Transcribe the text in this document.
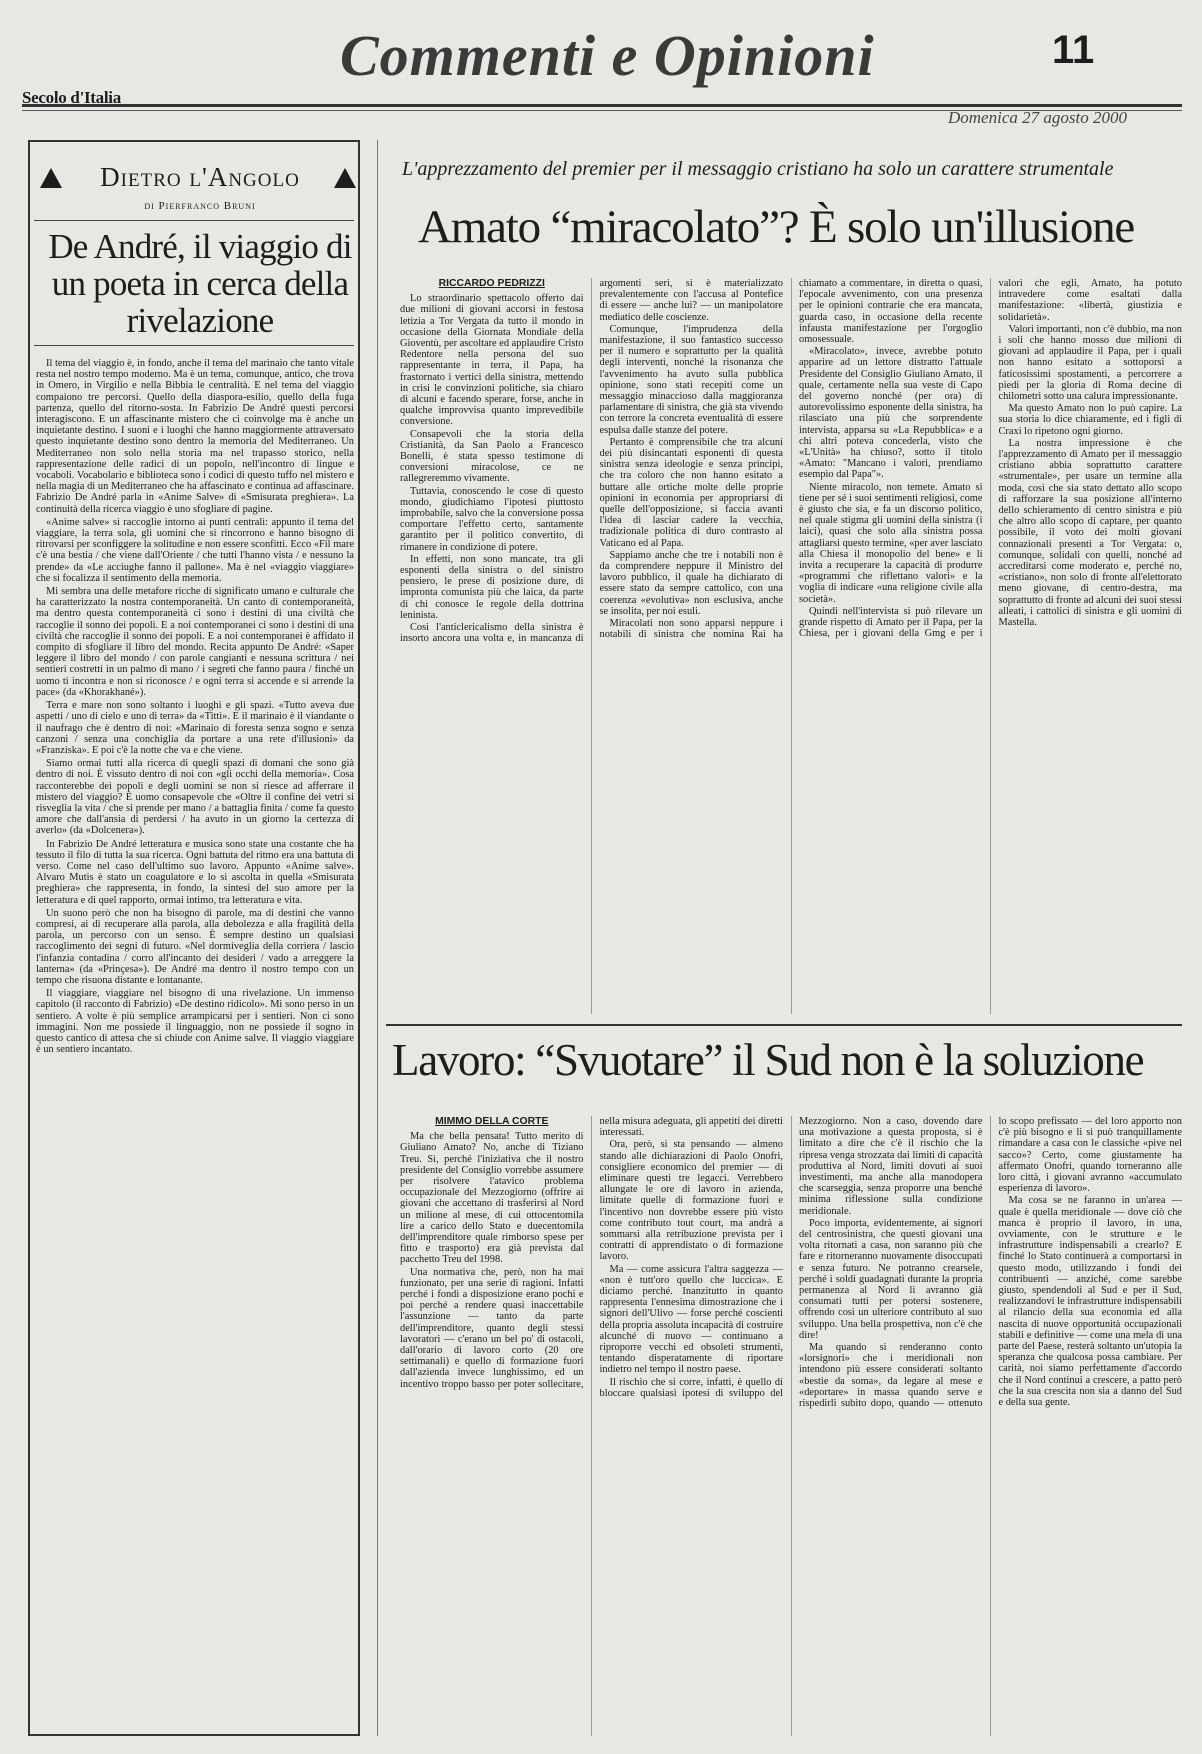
Secolo d'Italia
Commenti e Opinioni	11
Domenica 27 agosto 2000
Dietro l'Angolo
di Pierfranco Bruni
De André, il viaggio di un poeta in cerca della rivelazione

Il tema del viaggio è, in fondo, anche il tema del marinaio che tanto vitale resta nel nostro tempo moderno. Ma è un tema, comunque, antico, che trova in Omero, in Virgilio e nella Bibbia le centralità. E nel tema del viaggio compaiono tre percorsi. Quello della diaspora-esilio, quello della fuga partenza, quello del ritorno-sosta. In Fabrizio De André questi percorsi interagiscono. E un affascinante mistero che ci coinvolge ma è anche un inquietante destino. I suoni e i luoghi che hanno maggiormente attraversato questo inquietante destino sono dentro la memoria del Mediterraneo. Un Mediterraneo non solo nella storia ma nel trapasso storico, nella rappresentazione delle radici di un popolo, nell'incontro di lingue e vocaboli. Vocabolario e biblioteca sono i codici di questo tuffo nel mistero e nella magia di un Mediterraneo che ha affascinato e continua ad affascinare. Fabrizio De André parla in «Anime Salve» di «Smisurata preghiera». La continuità della ricerca viaggio è uno sfogliare di pagine.

«Anime salve» si raccoglie intorno ai punti centrali: appunto il tema del viaggiare, la terra sola, gli uomini che si rincorrono e hanno bisogno di ritrovarsi per sconfiggere la solitudine e non essere sconfitti. Ecco «Fil mare c'è una bestia / che viene dall'Oriente / che tutti l'hanno vista / e nessuno la prende» da «Le acciughe fanno il pallone». Ma è nel «viaggio viaggiare» che si focalizza il sentimento della memoria.

Mi sembra una delle metafore ricche di significato umano e culturale che ha caratterizzato la nostra contemporaneità. Un canto di contemporaneità, ma dentro questa contemporaneità ci sono i destini di una civiltà che raccoglie il sonno dei popoli. E a noi contemporanei ci sono i destini di una civiltà che raccoglie il sonno dei popoli. E a noi contemporanei è affidato il compito di sfogliare il libro del mondo. Recita appunto De André: «Saper leggere il libro del mondo / con parole cangianti e nessuna scrittura / nei sentieri costretti in un palmo di mano / i segreti che fanno paura / finché un uomo ti incontra e non si riconosce / e ogni terra si accende e si arrende la pace» (da «Khorakhané»).

Terra e mare non sono soltanto i luoghi e gli spazi. «Tutto aveva due aspetti / uno di cielo e uno di terra» da «Tittì». E il marinaio è il viandante o il naufrago che è dentro di noi: «Marinaio di foresta senza sogno e senza canzoni / senza una conchiglia da portare a una rete d'illusioni» da «Franziska». E poi c'è la notte che va e che viene.

Siamo ormai tutti alla ricerca di quegli spazi di domani che sono già dentro di noi. È vissuto dentro di noi con «gli occhi della memoria». Cosa racconterebbe dei popoli e degli uomini se non si riesce ad afferrare il mistero del viaggio? È uomo consapevole che «Oltre il confine dei vetri si risveglia la vita / che si prende per mano / a battaglia finita / come fa questo amore che dall'ansia di perdersi / ha avuto in un giorno la certezza di averlo» (da «Dolcenera»).

In Fabrizio De André letteratura e musica sono state una costante che ha tessuto il filo di tutta la sua ricerca. Ogni battuta del ritmo era una battuta di verso. Come nel caso dell'ultimo suo lavoro. Appunto «Anime salve». Alvaro Mutis è stato un coagulatore e lo si ascolta in quella «Smisurata preghiera» che rappresenta, in fondo, la sintesi del suo amore per la letteratura e di quel rapporto, ormai intimo, tra letteratura e vita.

Un suono però che non ha bisogno di parole, ma di destini che vanno compresi, ai di recuperare alla parola, alla debolezza e alla fragilità della parola, un percorso con un senso. È sempre destino un qualsiasi raccoglimento dei segni di futuro. «Nel dormiveglia della corriera / lascio l'infanzia contadina / corro all'incanto dei desideri / vado a arreggere la lanterna» (da «Prinçesa»). De André ma dentro il nostro tempo con un tempo che risuona distante e lontanante.

Il viaggiare, viaggiare nel bisogno di una rivelazione. Un immenso capitolo (il racconto di Fabrizio) «De destino ridicolo». Mi sono perso in un sentiero. A volte è più semplice arrampicarsi per i sentieri. Non ci sono immagini. Non me possiede il linguaggio, non ne possiede il sogno in questo cantico di attesa che si chiude con Anime salve. Il viaggio viaggiare è un sentiero incantato.

L'apprezzamento del premier per il messaggio cristiano ha solo un carattere strumentale
Amato “miracolato”? È solo un'illusione

RICCARDO PEDRIZZI

Lo straordinario spettacolo offerto dai due milioni di giovani accorsi in festosa letizia a Tor Vergata da tutto il mondo in occasione della Giornata Mondiale della Gioventù, per ascoltare ed applaudire Cristo Redentore nella persona del suo rappresentante in terra, il Papa, ha frastornato i vertici della sinistra, mettendo in crisi le convinzioni politiche, sia chiaro di alcuni e facendo sperare, forse, anche in qualche improvvisa quanto imprevedibile conversione.

Consapevoli che la storia della Cristianità, da San Paolo a Francesco Bonelli, è stata spesso testimone di conversioni miracolose, ce ne rallegreremmo vivamente.

Tuttavia, conoscendo le cose di questo mondo, giudichiamo l'ipotesi piuttosto improbabile, salvo che la conversione possa comportare l'effetto certo, santamente garantito per il politico convertito, di rimanere in condizione di potere.

In effetti, non sono mancate, tra gli esponenti della sinistra o del sinistro pensiero, le prese di posizione dure, di impronta comunista più che laica, da parte di chi conosce le regole della dottrina leninista.

Così l'anticlericalismo della sinistra è insorto ancora una volta e, in mancanza di argomenti seri, si è materializzato prevalentemente con l'accusa al Pontefice di essere — anche lui? — un manipolatore mediatico delle coscienze.

Comunque, l'imprudenza della manifestazione, il suo fantastico successo per il numero e soprattutto per la qualità degli interventi, nonché la risonanza che l'avvenimento ha avuto sulla pubblica opinione, sono stati recepiti come un messaggio minaccioso dalla maggioranza parlamentare di sinistra, che già sta vivendo con terrore la concreta eventualità di essere espulsa dalle stanze del potere.

Pertanto è comprensibile che tra alcuni dei più disincantati esponenti di questa sinistra senza ideologie e senza principi, che tra coloro che non hanno esitato a buttare alle ortiche molte delle proprie opinioni in economia per appropriarsi di quelle dell'opposizione, si faccia avanti l'idea di lasciar cadere la vecchia, tradizionale politica di duro contrasto al Vaticano ed al Papa.

Sappiamo anche che tre i notabili non è da comprendere neppure il Ministro del lavoro pubblico, il quale ha dichiarato di essere stato da sempre cattolico, con una coerenza «evolutiva» non esclusiva, anche se insolita, per noi esuli.

Miracolati non sono apparsi neppure i notabili di sinistra che nomina Rai ha chiamato a commentare, in diretta o quasi, l'epocale avvenimento, con una presenza per le opinioni contrarie che era mancata, guarda caso, in occasione della recente infausta manifestazione per l'orgoglio omosessuale.

«Miracolato», invece, avrebbe potuto apparire ad un lettore distratto l'attuale Presidente del Consiglio Giuliano Amato, il quale, certamente nella sua veste di Capo del governo nonché (per ora) di autorevolissimo esponente della sinistra, ha rilasciato una più che sorprendente intervista, apparsa su «La Repubblica» e a chi altri poteva concederla, visto che «L'Unità» ha chiuso?, sotto il titolo «Amato: "Mancano i valori, prendiamo esempio dal Papa"».

Niente miracolo, non temete. Amato si tiene per sé i suoi sentimenti religiosi, come è giusto che sia, e fa un discorso politico, nel quale stigma gli uomini della sinistra (i laici), quasi che solo alla sinistra possa attagliarsi questo termine, «per aver lasciato alla Chiesa il monopolio del bene» e li invita a recuperare la capacità di produrre «programmi che riflettano valori» e la voglia di indicare «una religione civile alla società».

Quindi nell'intervista si può rilevare un grande rispetto di Amato per il Papa, per la Chiesa, per i giovani della Gmg e per i valori che egli, Amato, ha potuto intravedere come esaltati dalla manifestazione: «libertà, giustizia e solidarietà».

Valori importanti, non c'è dubbio, ma non i soli che hanno mosso due milioni di giovani ad applaudire il Papa, per i quali non hanno esitato a sottoporsi a faticosissimi spostamenti, a percorrere a piedi per la gloria di Roma decine di chilometri sotto una calura impressionante.

Ma questo Amato non lo può capire. La sua storia lo dice chiaramente, ed i figli di Craxi lo ripetono ogni giorno.

La nostra impressione è che l'apprezzamento di Amato per il messaggio cristiano abbia soprattutto carattere «strumentale», per usare un termine alla moda, così che sia stato dettato allo scopo di rafforzare la sua posizione all'interno dello schieramento di centro sinistra e più che altro allo scopo di captare, per quanto possibile, il voto dei molti giovani connazionali presenti a Tor Vergata: o, comunque, solidali con quelli, nonché ad accreditarsi come moderato e, perché no, «cristiano», non solo di fronte all'elettorato meno giovane, di centro-destra, ma soprattutto di fronte ad alcuni dei suoi stessi alleati, i cattolici di sinistra e gli uomini di Mastella.

Lavoro: “Svuotare” il Sud non è la soluzione

MIMMO DELLA CORTE

Ma che bella pensata! Tutto merito di Giuliano Amato? No, anche di Tiziano Treu. Sì, perché l'iniziativa che il nostro presidente del Consiglio vorrebbe assumere per risolvere l'atavico problema occupazionale del Mezzogiorno (offrire ai giovani che accettano di trasferirsi al Nord un milione al mese, di cui ottocentomila lire a carico dello Stato e duecentomila dell'imprenditore quale rimborso spese per fitto e trasporto) era già prevista dal pacchetto Treu del 1998.

Una normativa che, però, non ha mai funzionato, per una serie di ragioni. Infatti perché i fondi a disposizione erano pochi e poi perché a rendere quasi inaccettabile l'assunzione — tanto da parte dell'imprenditore, quanto degli stessi lavoratori — c'erano un bel po' di ostacoli, dall'orario di lavoro corto (20 ore settimanali) e quello di formazione fuori dall'azienda invece lunghissimo, ed un incentivo troppo basso per poter sollecitare, nella misura adeguata, gli appetiti dei diretti interessati.

Ora, però, si sta pensando — almeno stando alle dichiarazioni di Paolo Onofri, consigliere economico del premier — di eliminare questi tre legacci. Verrebbero allungate le ore di lavoro in azienda, limitate quelle di formazione fuori e l'incentivo non dovrebbe essere più visto come contributo tout court, ma andrà a sommarsi alla retribuzione prevista per i contratti di apprendistato o di formazione lavoro.

Ma — come assicura l'altra saggezza — «non è tutt'oro quello che luccica». E diciamo perché. Inanzitutto in quanto rappresenta l'ennesima dimostrazione che i signori dell'Ulivo — forse perché coscienti della propria assoluta incapacità di costruire alcunché di nuovo — continuano a riproporre vecchi ed obsoleti strumenti, tentando disperatamente di riportare indietro nel tempo il nostro paese.

Il rischio che si corre, infatti, è quello di bloccare qualsiasi ipotesi di sviluppo del Mezzogiorno. Non a caso, dovendo dare una motivazione a questa proposta, si è limitato a dire che c'è il rischio che la ripresa venga strozzata dai limiti di capacità produttiva al Nord, limiti dovuti ai suoi investimenti, ma anche alla manodopera che scarseggia, senza proporre una benché minima riflessione sulla condizione meridionale.

Poco importa, evidentemente, ai signori del centrosinistra, che questi giovani una volta ritornati a casa, non saranno più che fare e ritorneranno nuovamente disoccupati e senza futuro. Ne potranno crearsele, perché i soldi guadagnati durante la propria permanenza al Nord li avranno già consumati tutti per potersi sostenere, offrendo così un ulteriore contributo al suo sviluppo. Una bella prospettiva, non c'è che dire!

Ma quando si renderanno conto «lorsignori» che i meridionali non intendono più essere considerati soltanto «bestie da soma», da legare al mese e «deportare» in massa quando serve e rispedirli subito dopo, quando — ottenuto lo scopo prefissato — del loro apporto non c'è più bisogno e li si può tranquillamente rimandare a casa con le classiche «pive nel sacco»? Certo, come giustamente ha affermato Onofri, quando torneranno alle loro città, i giovani avranno «accumulato esperienza di lavoro».

Ma cosa se ne faranno in un'area — quale è quella meridionale — dove ciò che manca è proprio il lavoro, in una, ovviamente, con le strutture e le infrastrutture indispensabili a crearlo? E finché lo Stato continuerà a comportarsi in questo modo, utilizzando i fondi dei contribuenti — anziché, come sarebbe giusto, spendendoli al Sud e per il Sud, realizzandovi le infrastrutture indispensabili al rilancio della sua economia ed alla nascita di nuove opportunità occupazionali stabili e definitive — come una mela di una parte del Paese, resterà soltanto un'utopia la speranza che qualcosa possa cambiare. Per carità, noi siamo perfettamente d'accordo che il Nord continui a crescere, a patto però che la sua crescita non sia a danno del Sud e della sua gente.
